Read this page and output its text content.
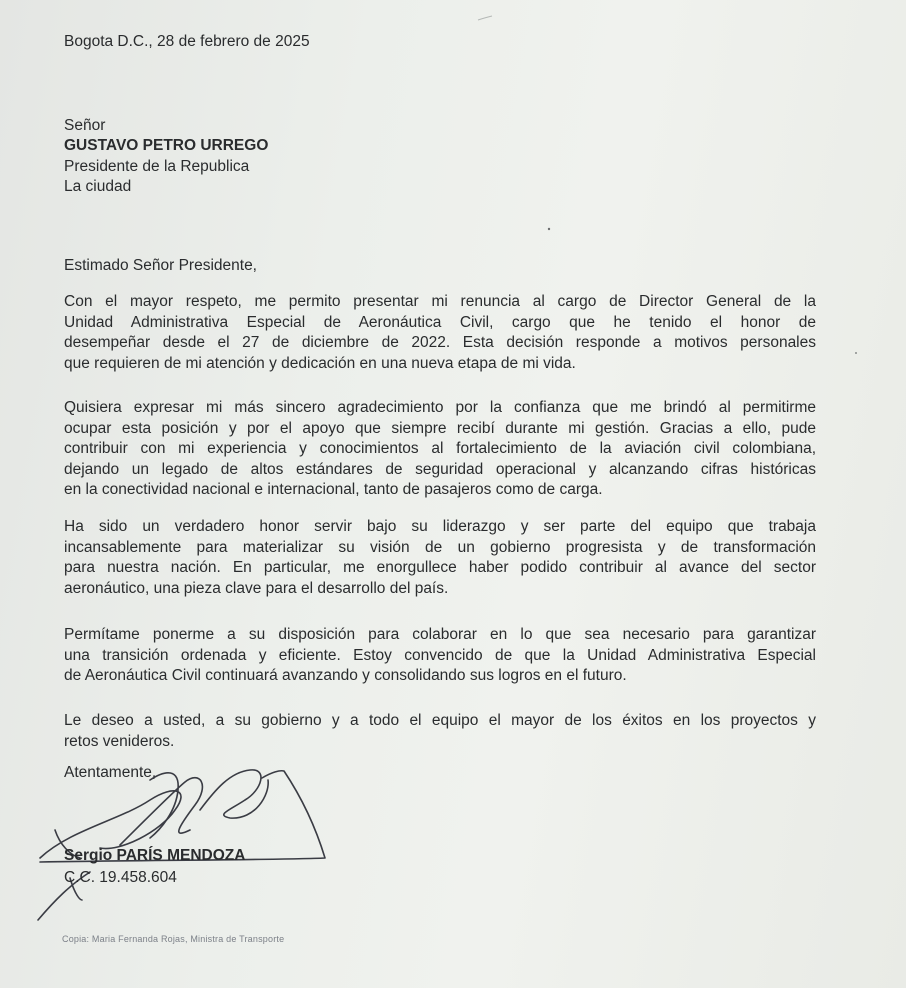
Bogota D.C., 28 de febrero de 2025
Señor
GUSTAVO PETRO URREGO
Presidente de la Republica
La ciudad
Estimado Señor Presidente,
Con el mayor respeto, me permito presentar mi renuncia al cargo de Director General de la
Unidad Administrativa Especial de Aeronáutica Civil, cargo que he tenido el honor de
desempeñar desde el 27 de diciembre de 2022. Esta decisión responde a motivos personales
que requieren de mi atención y dedicación en una nueva etapa de mi vida.
Quisiera expresar mi más sincero agradecimiento por la confianza que me brindó al permitirme
ocupar esta posición y por el apoyo que siempre recibí durante mi gestión. Gracias a ello, pude
contribuir con mi experiencia y conocimientos al fortalecimiento de la aviación civil colombiana,
dejando un legado de altos estándares de seguridad operacional y alcanzando cifras históricas
en la conectividad nacional e internacional, tanto de pasajeros como de carga.
Ha sido un verdadero honor servir bajo su liderazgo y ser parte del equipo que trabaja
incansablemente para materializar su visión de un gobierno progresista y de transformación
para nuestra nación. En particular, me enorgullece haber podido contribuir al avance del sector
aeronáutico, una pieza clave para el desarrollo del país.
Permítame ponerme a su disposición para colaborar en lo que sea necesario para garantizar
una transición ordenada y eficiente. Estoy convencido de que la Unidad Administrativa Especial
de Aeronáutica Civil continuará avanzando y consolidando sus logros en el futuro.
Le deseo a usted, a su gobierno y a todo el equipo el mayor de los éxitos en los proyectos y
retos venideros.
Atentamente,
Sergio PARÍS MENDOZA
C.C. 19.458.604
Copia: Maria Fernanda Rojas, Ministra de Transporte
